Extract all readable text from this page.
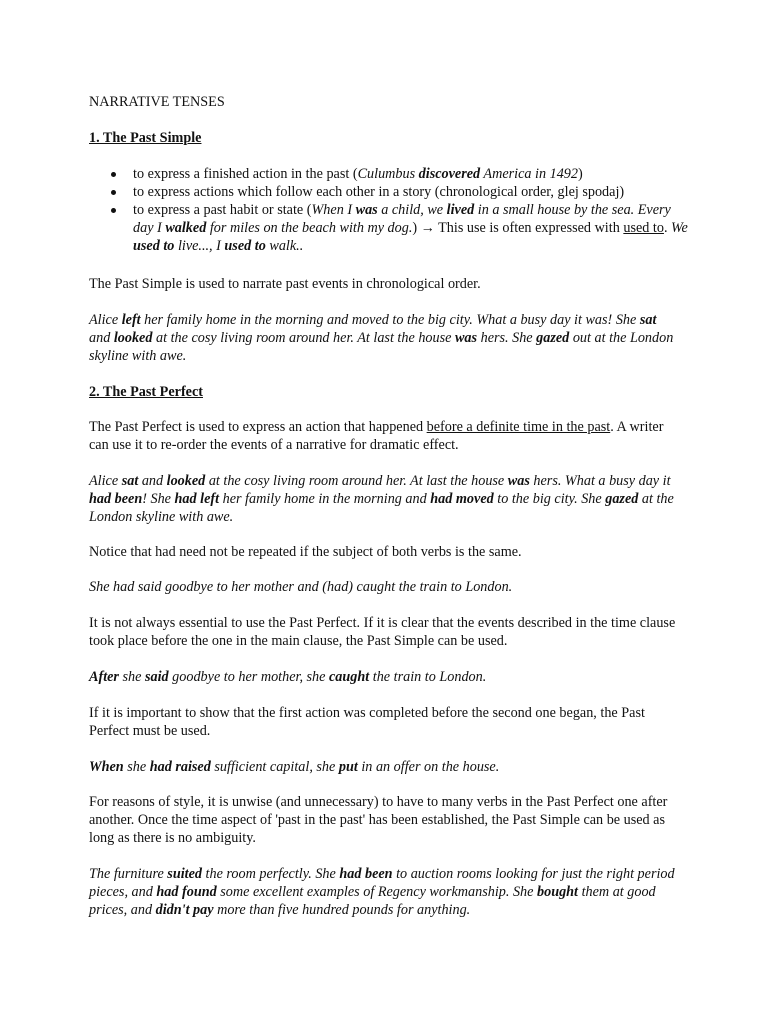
NARRATIVE TENSES
1. The Past Simple
to express a finished action in the past (Culumbus discovered America in 1492)
to express actions which follow each other in a story (chronological order, glej spodaj)
to express a past habit or state (When I was a child, we lived in a small house by the sea. Every day I walked for miles on the beach with my dog.) → This use is often expressed with used to. We used to live..., I used to walk..

The Past Simple is used to narrate past events in chronological order.

Alice left her family home in the morning and moved to the big city. What a busy day it was! She sat and looked at the cosy living room around her. At last the house was hers. She gazed out at the London skyline with awe.

2. The Past Perfect

The Past Perfect is used to express an action that happened before a definite time in the past. A writer can use it to re-order the events of a narrative for dramatic effect.

Alice sat and looked at the cosy living room around her. At last the house was hers. What a busy day it had been! She had left her family home in the morning and had moved to the big city. She gazed at the London skyline with awe.

Notice that had need not be repeated if the subject of both verbs is the same.

She had said goodbye to her mother and (had) caught the train to London.

It is not always essential to use the Past Perfect. If it is clear that the events described in the time clause took place before the one in the main clause, the Past Simple can be used.

After she said goodbye to her mother, she caught the train to London.

If it is important to show that the first action was completed before the second one began, the Past Perfect must be used.

When she had raised sufficient capital, she put in an offer on the house.

For reasons of style, it is unwise (and unnecessary) to have to many verbs in the Past Perfect one after another. Once the time aspect of 'past in the past' has been established, the Past Simple can be used as long as there is no ambiguity.

The furniture suited the room perfectly. She had been to auction rooms looking for just the right period pieces, and had found some excellent examples of Regency workmanship. She bought them at good prices, and didn't pay more than five hundred pounds for anything.
